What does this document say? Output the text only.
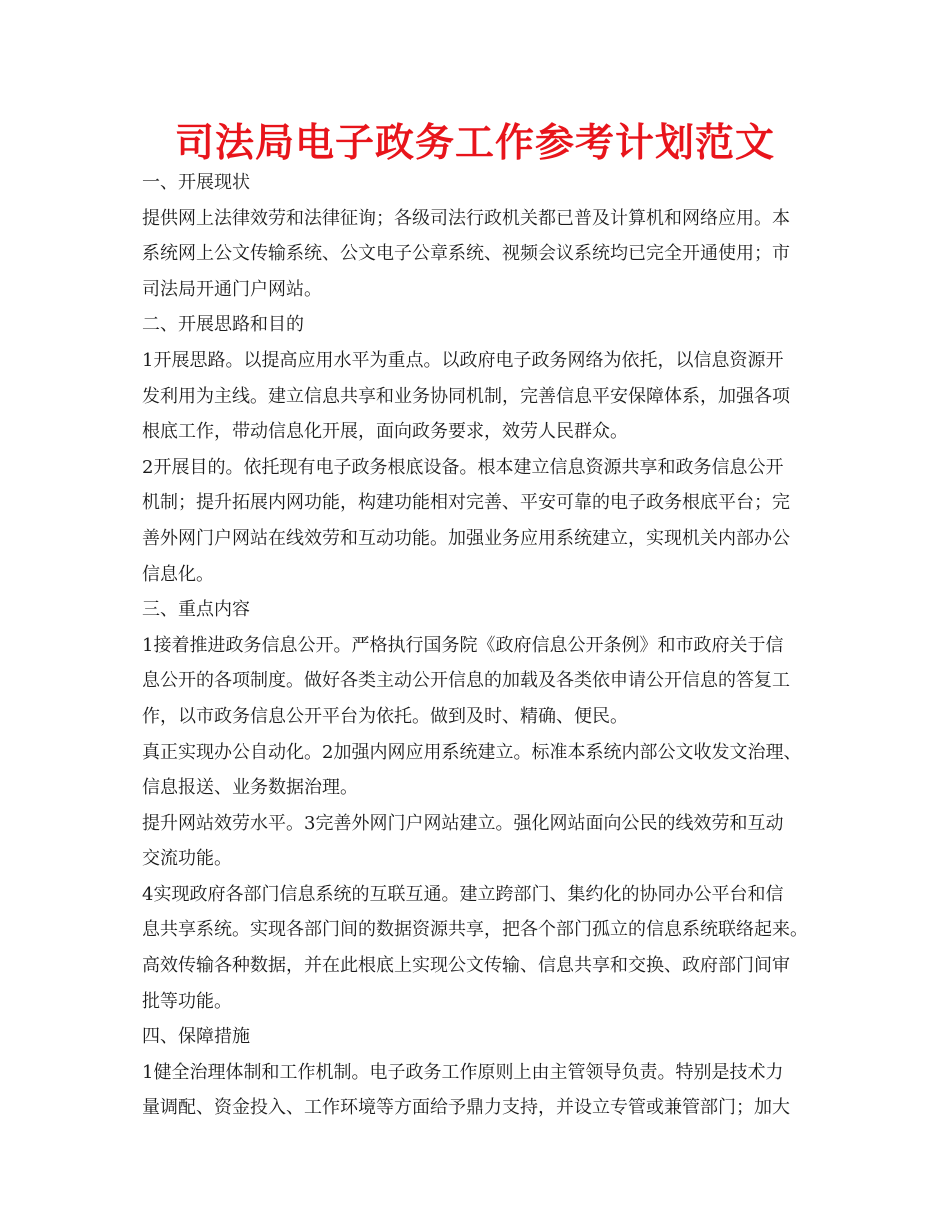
司法局电子政务工作参考计划范文

一、开展现状

提供网上法律效劳和法律征询；各级司法行政机关都已普及计算机和网络应用。本

系统网上公文传输系统、公文电子公章系统、视频会议系统均已完全开通使用；市

司法局开通门户网站。

二、开展思路和目的

1开展思路。以提高应用水平为重点。以政府电子政务网络为依托，以信息资源开

发利用为主线。建立信息共享和业务协同机制，完善信息平安保障体系，加强各项

根底工作，带动信息化开展，面向政务要求，效劳人民群众。

2开展目的。依托现有电子政务根底设备。根本建立信息资源共享和政务信息公开

机制；提升拓展内网功能，构建功能相对完善、平安可靠的电子政务根底平台；完

善外网门户网站在线效劳和互动功能。加强业务应用系统建立，实现机关内部办公

信息化。

三、重点内容

1接着推进政务信息公开。严格执行国务院《政府信息公开条例》和市政府关于信

息公开的各项制度。做好各类主动公开信息的加载及各类依申请公开信息的答复工

作，以市政务信息公开平台为依托。做到及时、精确、便民。

真正实现办公自动化。2加强内网应用系统建立。标准本系统内部公文收发文治理、

信息报送、业务数据治理。

提升网站效劳水平。3完善外网门户网站建立。强化网站面向公民的线效劳和互动

交流功能。

4实现政府各部门信息系统的互联互通。建立跨部门、集约化的协同办公平台和信

息共享系统。实现各部门间的数据资源共享，把各个部门孤立的信息系统联络起来。

高效传输各种数据，并在此根底上实现公文传输、信息共享和交换、政府部门间审

批等功能。

四、保障措施

1健全治理体制和工作机制。电子政务工作原则上由主管领导负责。特别是技术力

量调配、资金投入、工作环境等方面给予鼎力支持，并设立专管或兼管部门；加大
